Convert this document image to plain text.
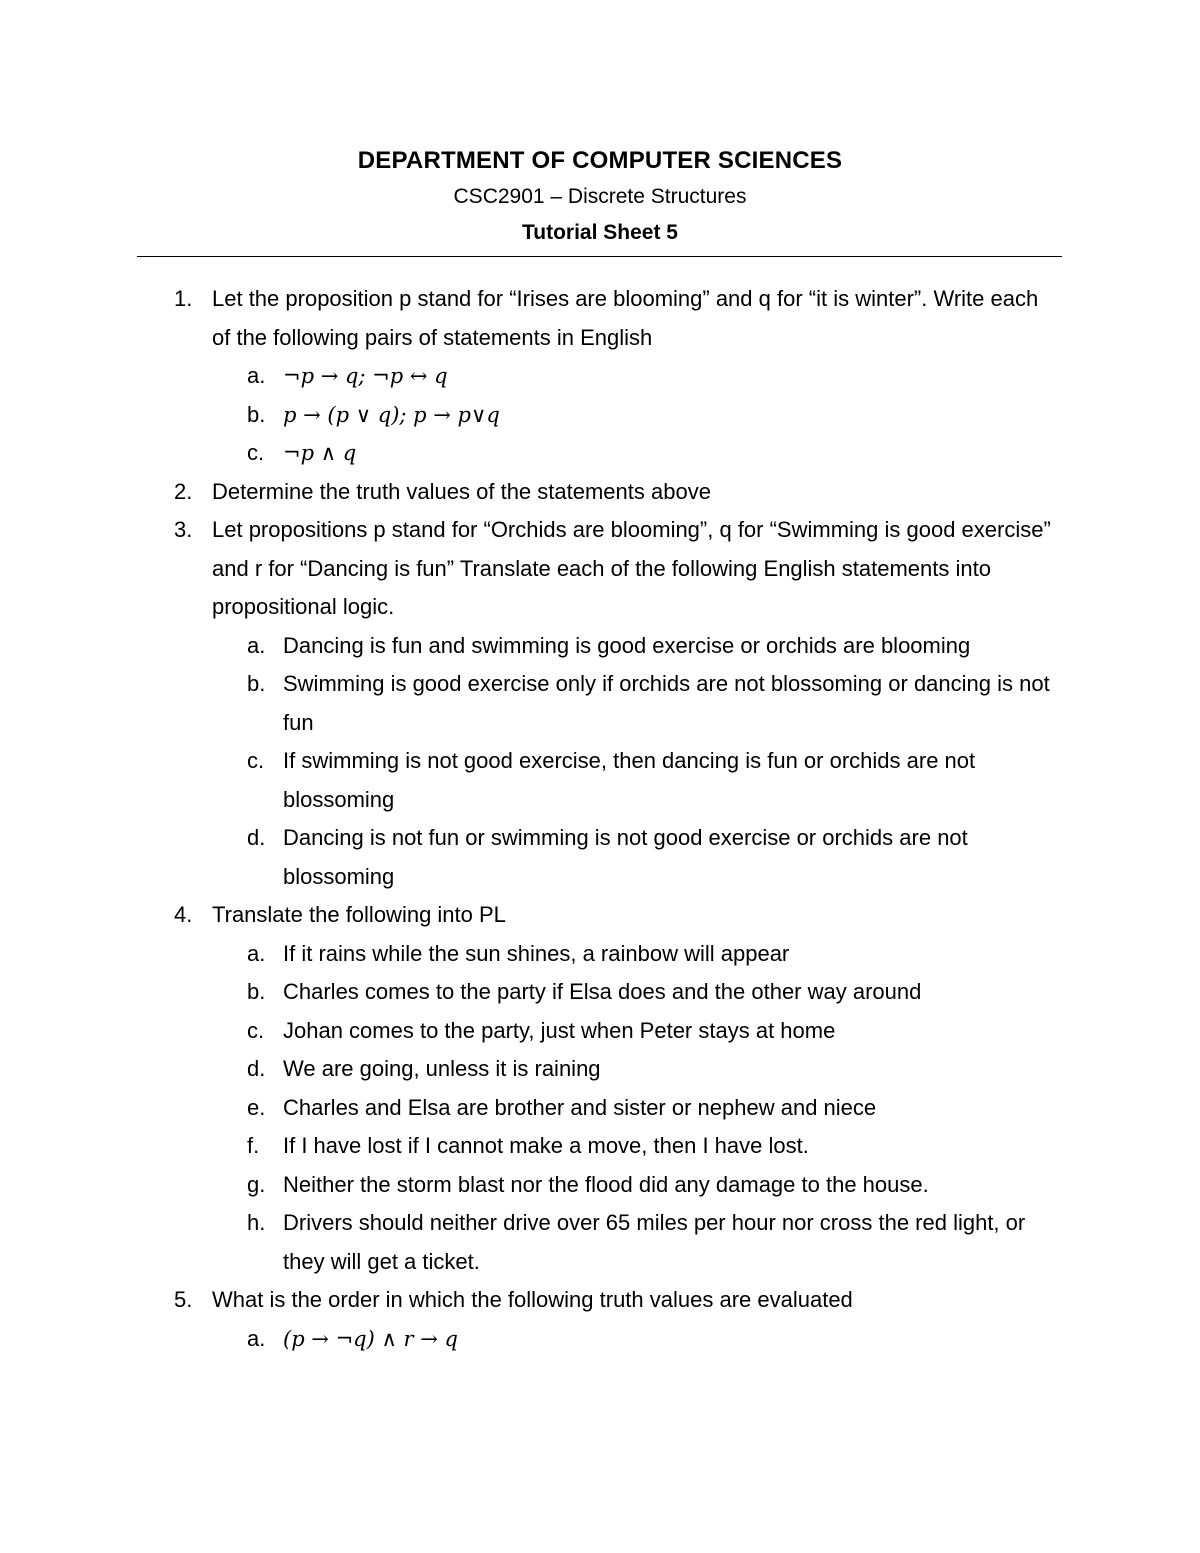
DEPARTMENT OF COMPUTER SCIENCES
CSC2901 – Discrete Structures
Tutorial Sheet 5
1. Let the proposition p stand for “Irises are blooming” and q for “it is winter”. Write each of the following pairs of statements in English
a. ¬p → q; ¬p ↔ q
b. p → (p ∨ q); p → p∨q
c. ¬p ∧ q
2. Determine the truth values of the statements above
3. Let propositions p stand for “Orchids are blooming”, q for “Swimming is good exercise” and r for “Dancing is fun” Translate each of the following English statements into propositional logic.
a. Dancing is fun and swimming is good exercise or orchids are blooming
b. Swimming is good exercise only if orchids are not blossoming or dancing is not fun
c. If swimming is not good exercise, then dancing is fun or orchids are not blossoming
d. Dancing is not fun or swimming is not good exercise or orchids are not blossoming
4. Translate the following into PL
a. If it rains while the sun shines, a rainbow will appear
b. Charles comes to the party if Elsa does and the other way around
c. Johan comes to the party, just when Peter stays at home
d. We are going, unless it is raining
e. Charles and Elsa are brother and sister or nephew and niece
f. If I have lost if I cannot make a move, then I have lost.
g. Neither the storm blast nor the flood did any damage to the house.
h. Drivers should neither drive over 65 miles per hour nor cross the red light, or they will get a ticket.
5. What is the order in which the following truth values are evaluated
a. (p → ¬q) ∧ r → q
